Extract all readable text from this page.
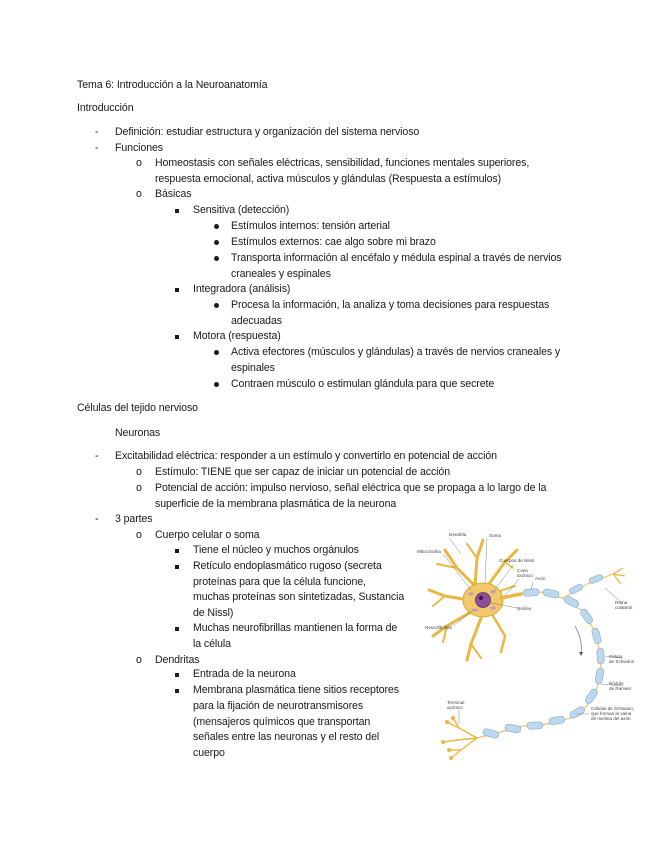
Tema 6: Introducción a la Neuroanatomía
Introducción
- Definición: estudiar estructura y organización del sistema nervioso
- Funciones
o Homeostasis con señales eléctricas, sensibilidad, funciones mentales superiores,
respuesta emocional, activa músculos y glándulas (Respuesta a estímulos)
o Básicas
Sensitiva (detección)
Estímulos internos: tensión arterial
Estímulos externos: cae algo sobre mi brazo
Transporta información al encéfalo y médula espinal a través de nervios
craneales y espinales
Integradora (análisis)
Procesa la información, la analiza y toma decisiones para respuestas
adecuadas
Motora (respuesta)
Activa efectores (músculos y glándulas) a través de nervios craneales y
espinales
Contraen músculo o estimulan glándula para que secrete
Células del tejido nervioso
Neuronas
- Excitabilidad eléctrica: responder a un estímulo y convertirlo en potencial de acción
o Estímulo: TIENE que ser capaz de iniciar un potencial de acción
o Potencial de acción: impulso nervioso, señal eléctrica que se propaga a lo largo de la
superficie de la membrana plasmática de la neurona
- 3 partes
o Cuerpo celular o soma
Tiene el núcleo y muchos orgánulos
Retículo endoplasmático rugoso (secreta
proteínas para que la célula funcione,
muchas proteínas son sintetizadas, Sustancia
de Nissl)
Muchas neurofibrillas mantienen la forma de
la célula
o Dendritas
Entrada de la neurona
Membrana plasmática tiene sitios receptores
para la fijación de neurotransmisores
(mensajeros químicos que transportan
señales entre las neuronas y el resto del
cuerpo
Dendrita	Soma
Mitocondria
Cuerpos de Nissl
Cono
axónico
Axón
Núcleo
Neurofibrillas
Rama
colateral
Célula
de Schwann
Nódulo
de Ranvier
Terminal
axónico	Células de Schwann,
que forman la vaina
de mielina del axón
